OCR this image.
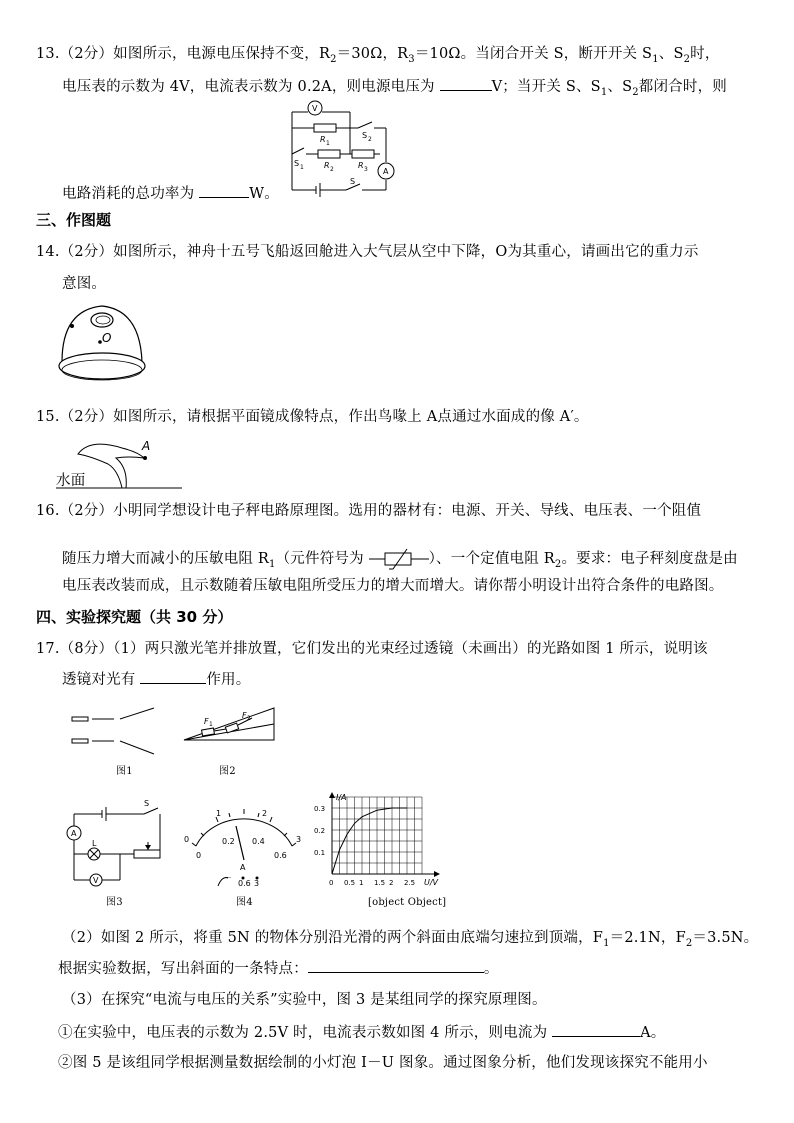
13.（2分）如图所示，电源电压保持不变，$R_2=30\Omega$，$R_3=10\Omega$。当闭合开关 S，断开开关 $S_1$、$S_2$时，
电压表的示数为 4V，电流表示数为 0.2A，则电源电压为	V；当开关 S、$S_1$、$S_2$都闭合时，则
V
A
R 1
R 2	R 3
S 2
S 1
S
电路消耗的总功率为	W。
三、作图题
14.（2分）如图所示，神舟十五号飞船返回舱进入大气层从空中下降，O为其重心，请画出它的重力示
意图。
O
15.（2分）如图所示，请根据平面镜成像特点，作出鸟喙上 A点通过水面成的像 A′。
A
水面
16.（2分）小明同学想设计电子秤电路原理图。选用的器材有：电源、开关、导线、电压表、一个阻值
随压力增大而减小的压敏电阻 $R_1$（元件符号为	）、一个定值电阻 $R_2$。要求：电子秤刻度盘是由
电压表改装而成，且示数随着压敏电阻所受压力的增大而增大。请你帮小明设计出符合条件的电路图。
四、实验探究题（共 30 分）
17.（8分）（1）两只激光笔并排放置，它们发出的光束经过透镜（未画出）的光路如图 1 所示，说明该
透镜对光有	作用。
图1
F 1
F 2
图2
S
A
L
V
图3
0
1	2
3
0
0.2 0.4
0.6
A
－
0.6 3
图4
I/A
U/V
0.1
0.2
0.3
0 0.5 1 1.5 2 2.5
[object Object]
（2）如图 2 所示，将重 5N 的物体分别沿光滑的两个斜面由底端匀速拉到顶端，$F_1=2.1N$，$F_2=3.5N$。
根据实验数据，写出斜面的一条特点：	。
（3）在探究“电流与电压的关系”实验中，图 3 是某组同学的探究原理图。
①在实验中，电压表的示数为 2.5V 时，电流表示数如图 4 所示，则电流为	A。
②图 5 是该组同学根据测量数据绘制的小灯泡 I－U 图象。通过图象分析，他们发现该探究不能用小
